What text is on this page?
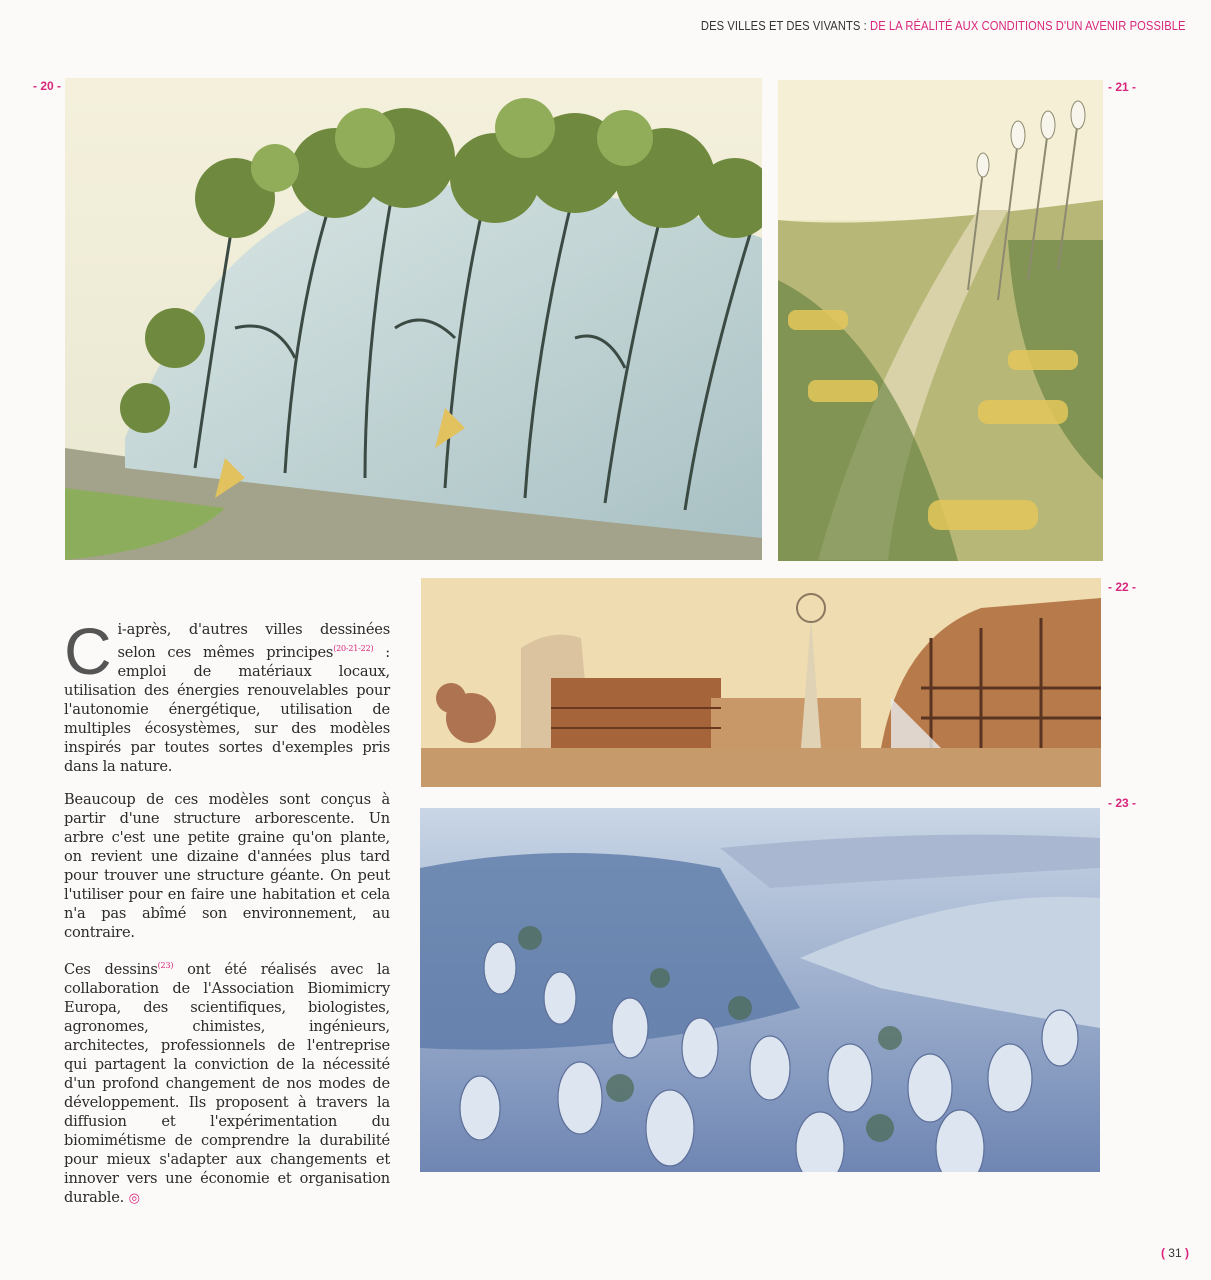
DES VILLES ET DES VIVANTS : DE LA RÉALITÉ AUX CONDITIONS D'UN AVENIR POSSIBLE
- 20 -	- 21 -
- 22 -
- 23 -

Ci-après, d'autres villes dessinées selon ces mêmes principes$^{(20-21-22)}$ : emploi de matériaux locaux, utilisation des énergies renouvelables pour l'autonomie énergétique, utilisation de multiples écosystèmes, sur des modèles inspirés par toutes sortes d'exemples pris dans la nature.

Beaucoup de ces modèles sont conçus à partir d'une structure arborescente. Un arbre c'est une petite graine qu'on plante, on revient une dizaine d'années plus tard pour trouver une structure géante. On peut l'utiliser pour en faire une habitation et cela n'a pas abîmé son environnement, au contraire.

Ces dessins$^{(23)}$ ont été réalisés avec la collaboration de l'Association Biomimicry Europa, des scientifiques, biologistes, agronomes, chimistes, ingénieurs, architectes, professionnels de l'entreprise qui partagent la conviction de la nécessité d'un profond changement de nos modes de développement. Ils proposent à travers la diffusion et l'expérimentation du biomimétisme de comprendre la durabilité pour mieux s'adapter aux changements et innover vers une économie et organisation durable. ◎

( 31 )
